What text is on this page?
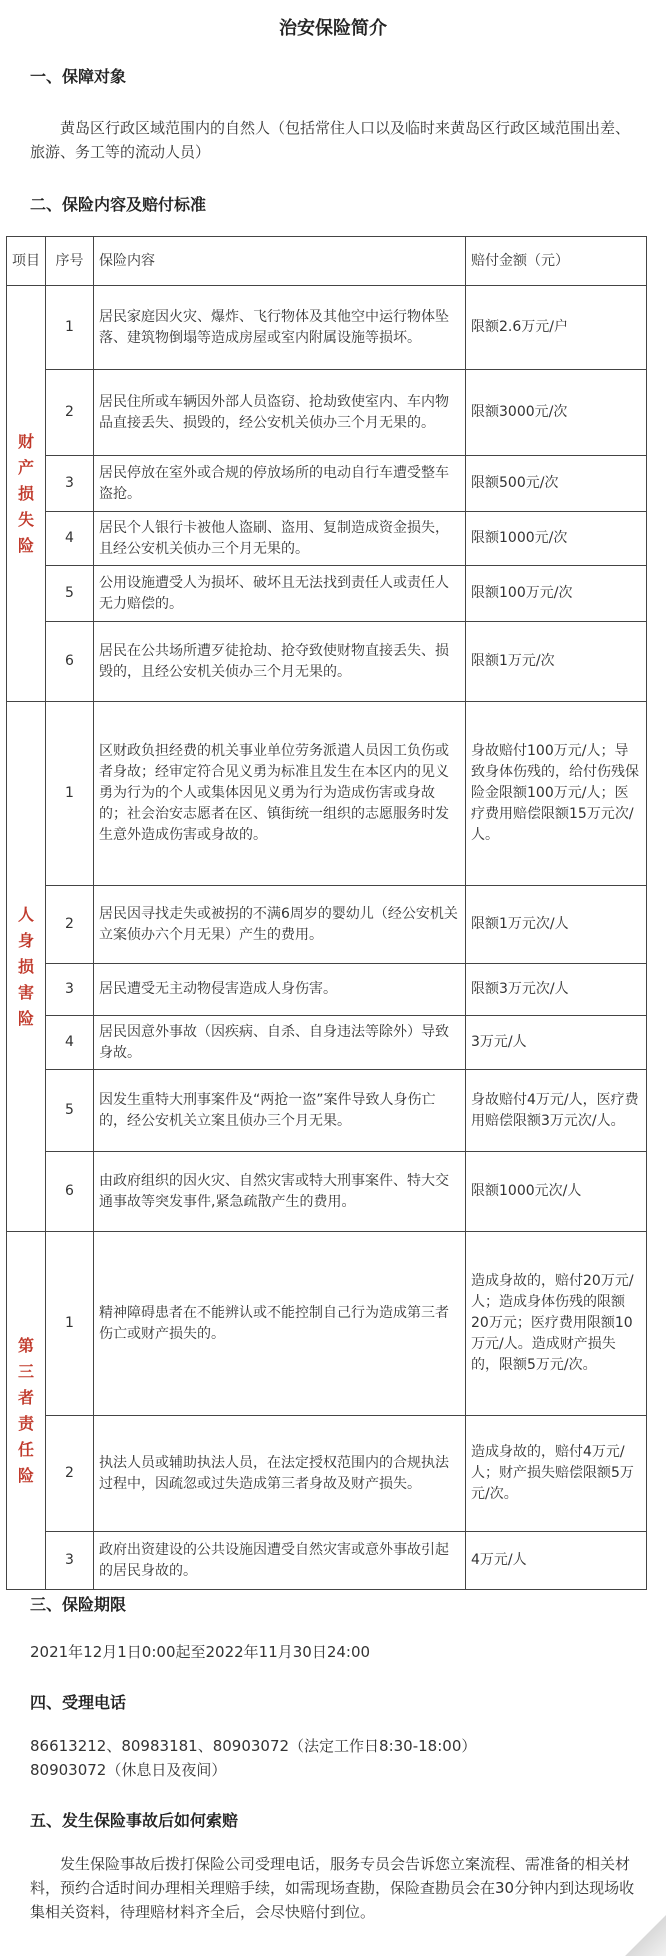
治安保险简介
一、保障对象
黄岛区行政区域范围内的自然人（包括常住人口以及临时来黄岛区行政区域范围出差、旅游、务工等的流动人员）
二、保险内容及赔付标准
项目	序号	保险内容	赔付金额（元）
财产损失险	1	居民家庭因火灾、爆炸、飞行物体及其他空中运行物体坠落、建筑物倒塌等造成房屋或室内附属设施等损坏。	限额2.6万元/户
	2	居民住所或车辆因外部人员盗窃、抢劫致使室内、车内物品直接丢失、损毁的，经公安机关侦办三个月无果的。	限额3000元/次
	3	居民停放在室外或合规的停放场所的电动自行车遭受整车盗抢。	限额500元/次
	4	居民个人银行卡被他人盗刷、盗用、复制造成资金损失，且经公安机关侦办三个月无果的。	限额1000元/次
	5	公用设施遭受人为损坏、破坏且无法找到责任人或责任人无力赔偿的。	限额100万元/次
	6	居民在公共场所遭歹徒抢劫、抢夺致使财物直接丢失、损毁的，且经公安机关侦办三个月无果的。	限额1万元/次
人身损害险	1	区财政负担经费的机关事业单位劳务派遣人员因工负伤或者身故；经审定符合见义勇为标准且发生在本区内的见义勇为行为的个人或集体因见义勇为行为造成伤害或身故的；社会治安志愿者在区、镇街统一组织的志愿服务时发生意外造成伤害或身故的。	身故赔付100万元/人；导致身体伤残的，给付伤残保险金限额100万元/人；医疗费用赔偿限额15万元次/人。
	2	居民因寻找走失或被拐的不满6周岁的婴幼儿（经公安机关立案侦办六个月无果）产生的费用。	限额1万元次/人
	3	居民遭受无主动物侵害造成人身伤害。	限额3万元次/人
	4	居民因意外事故（因疾病、自杀、自身违法等除外）导致身故。	3万元/人
	5	因发生重特大刑事案件及“两抢一盗”案件导致人身伤亡的，经公安机关立案且侦办三个月无果。	身故赔付4万元/人，医疗费用赔偿限额3万元次/人。
	6	由政府组织的因火灾、自然灾害或特大刑事案件、特大交通事故等突发事件,紧急疏散产生的费用。	限额1000元次/人
第三者责任险	1	精神障碍患者在不能辨认或不能控制自己行为造成第三者伤亡或财产损失的。	造成身故的，赔付20万元/人；造成身体伤残的限额20万元；医疗费用限额10万元/人。造成财产损失的，限额5万元/次。
	2	执法人员或辅助执法人员，在法定授权范围内的合规执法过程中，因疏忽或过失造成第三者身故及财产损失。	造成身故的，赔付4万元/人；财产损失赔偿限额5万元/次。
	3	政府出资建设的公共设施因遭受自然灾害或意外事故引起的居民身故的。	4万元/人
三、保险期限
2021年12月1日0:00起至2022年11月30日24:00
四、受理电话
86613212、80983181、80903072（法定工作日8:30-18:00）
80903072（休息日及夜间）
五、发生保险事故后如何索赔
发生保险事故后拨打保险公司受理电话，服务专员会告诉您立案流程、需准备的相关材料，预约合适时间办理相关理赔手续，如需现场查勘，保险查勘员会在30分钟内到达现场收集相关资料，待理赔材料齐全后，会尽快赔付到位。
